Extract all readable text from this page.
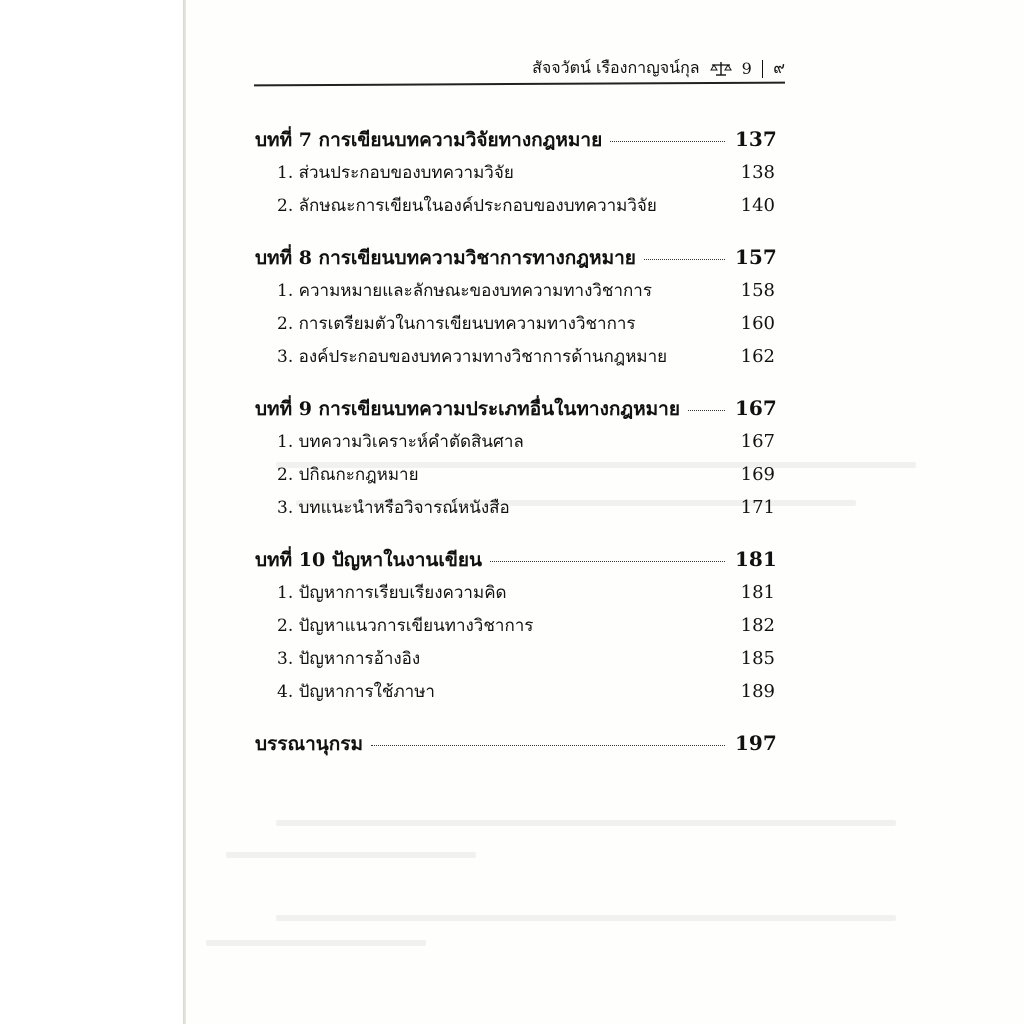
สัจจวัตน์ เรืองกาญจน์กุล	9 ๙
บทที่ 7 การเขียนบทความวิจัยทางกฎหมาย	137
1. ส่วนประกอบของบทความวิจัย	138
2. ลักษณะการเขียนในองค์ประกอบของบทความวิจัย	140
บทที่ 8 การเขียนบทความวิชาการทางกฎหมาย	157
1. ความหมายและลักษณะของบทความทางวิชาการ	158
2. การเตรียมตัวในการเขียนบทความทางวิชาการ	160
3. องค์ประกอบของบทความทางวิชาการด้านกฎหมาย	162
บทที่ 9 การเขียนบทความประเภทอื่นในทางกฎหมาย	167
1. บทความวิเคราะห์คำตัดสินศาล	167
2. ปกิณกะกฎหมาย	169
3. บทแนะนำหรือวิจารณ์หนังสือ	171
บทที่ 10 ปัญหาในงานเขียน	181
1. ปัญหาการเรียบเรียงความคิด	181
2. ปัญหาแนวการเขียนทางวิชาการ	182
3. ปัญหาการอ้างอิง	185
4. ปัญหาการใช้ภาษา	189
บรรณานุกรม	197
